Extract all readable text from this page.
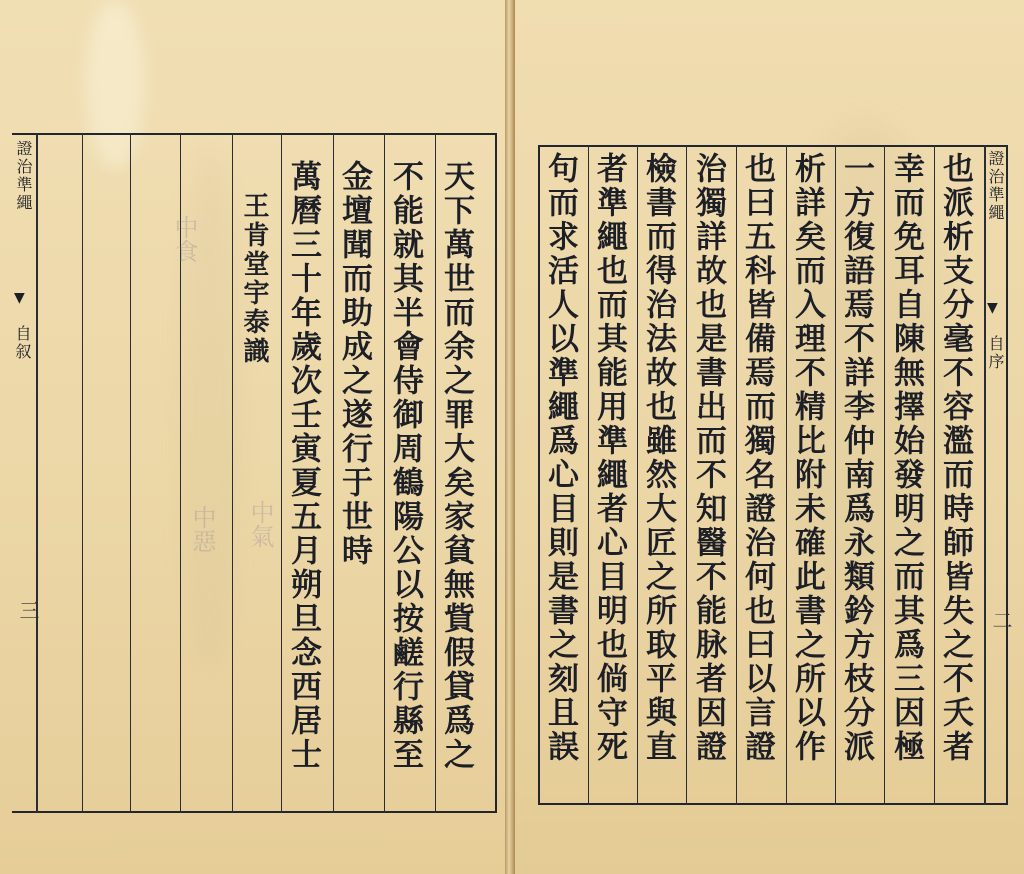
證治準繩
▼
自叙
三
中食
中惡 中氣	天下萬世而余之罪大矣家貧無貲假貸爲之
不能就其半會侍御周鶴陽公以按鹺行縣至
金壇聞而助成之遂行于世時
萬曆三十年歲次壬寅夏五月朔旦念西居士
王肯堂宇泰識
證治準繩
▼
自序
二
也派析支分毫不容濫而時師皆失之不夭者
幸而免耳自陳無擇始發明之而其爲三因極
一方復語焉不詳李仲南爲永類鈐方枝分派
析詳矣而入理不精比附未確此書之所以作
也曰五科皆備焉而獨名證治何也曰以言證
治獨詳故也是書出而不知醫不能脉者因證
檢書而得治法故也雖然大匠之所取平與直
者準繩也而其能用準繩者心目明也倘守死
句而求活人以準繩爲心目則是書之刻且誤
